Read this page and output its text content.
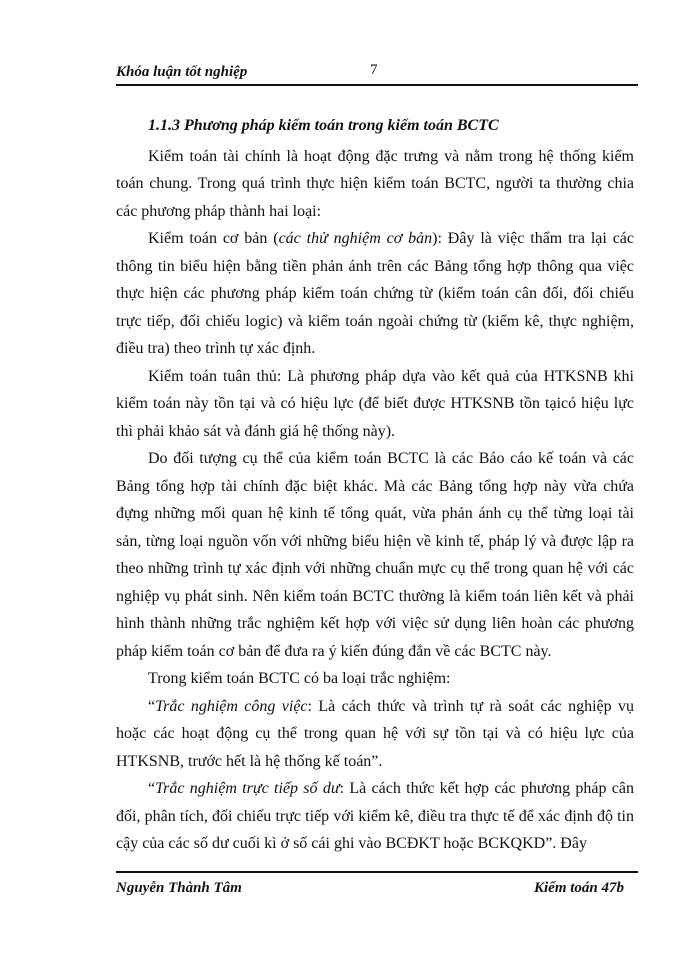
Khóa luận tốt nghiệp	7

1.1.3 Phương pháp kiểm toán trong kiểm toán BCTC

Kiểm toán tài chính là hoạt động đặc trưng và nằm trong hệ thống kiểm toán chung. Trong quá trình thực hiện kiểm toán BCTC, người ta thường chia các phương pháp thành hai loại:

Kiểm toán cơ bản (các thử nghiệm cơ bản): Đây là việc thẩm tra lại các thông tin biểu hiện bằng tiền phản ánh trên các Bảng tổng hợp thông qua việc thực hiện các phương pháp kiểm toán chứng từ (kiểm toán cân đối, đối chiếu trực tiếp, đối chiếu logic) và kiểm toán ngoài chứng từ (kiểm kê, thực nghiệm, điều tra) theo trình tự xác định.

Kiểm toán tuân thủ: Là phương pháp dựa vào kết quả của HTKSNB khi kiểm toán này tồn tại và có hiệu lực (để biết được HTKSNB tồn tạicó hiệu lực thì phải khảo sát và đánh giá hệ thống này).

Do đối tượng cụ thể của kiểm toán BCTC là các Báo cáo kế toán và các Bảng tổng hợp tài chính đặc biệt khác. Mà các Bảng tổng hợp này vừa chứa đựng những mối quan hệ kinh tế tổng quát, vừa phản ánh cụ thể từng loại tài sản, từng loại nguồn vốn với những biểu hiện về kinh tế, pháp lý và được lập ra theo những trình tự xác định với những chuẩn mực cụ thể trong quan hệ với các nghiệp vụ phát sinh. Nên kiểm toán BCTC thường là kiểm toán liên kết và phải hình thành những trắc nghiệm kết hợp với việc sử dụng liên hoàn các phương pháp kiểm toán cơ bản để đưa ra ý kiến đúng đắn về các BCTC này.

Trong kiểm toán BCTC có ba loại trắc nghiệm:

“Trắc nghiệm công việc: Là cách thức và trình tự rà soát các nghiệp vụ hoặc các hoạt động cụ thể trong quan hệ với sự tồn tại và có hiệu lực của HTKSNB, trước hết là hệ thống kế toán”.

“Trắc nghiệm trực tiếp số dư: Là cách thức kết hợp các phương pháp cân đối, phân tích, đối chiếu trực tiếp với kiểm kê, điều tra thực tế để xác định độ tin cậy của các số dư cuối kì ở số cái ghi vào BCĐKT hoặc BCKQKD”. Đây

Nguyễn Thành Tâm	Kiểm toán 47b
